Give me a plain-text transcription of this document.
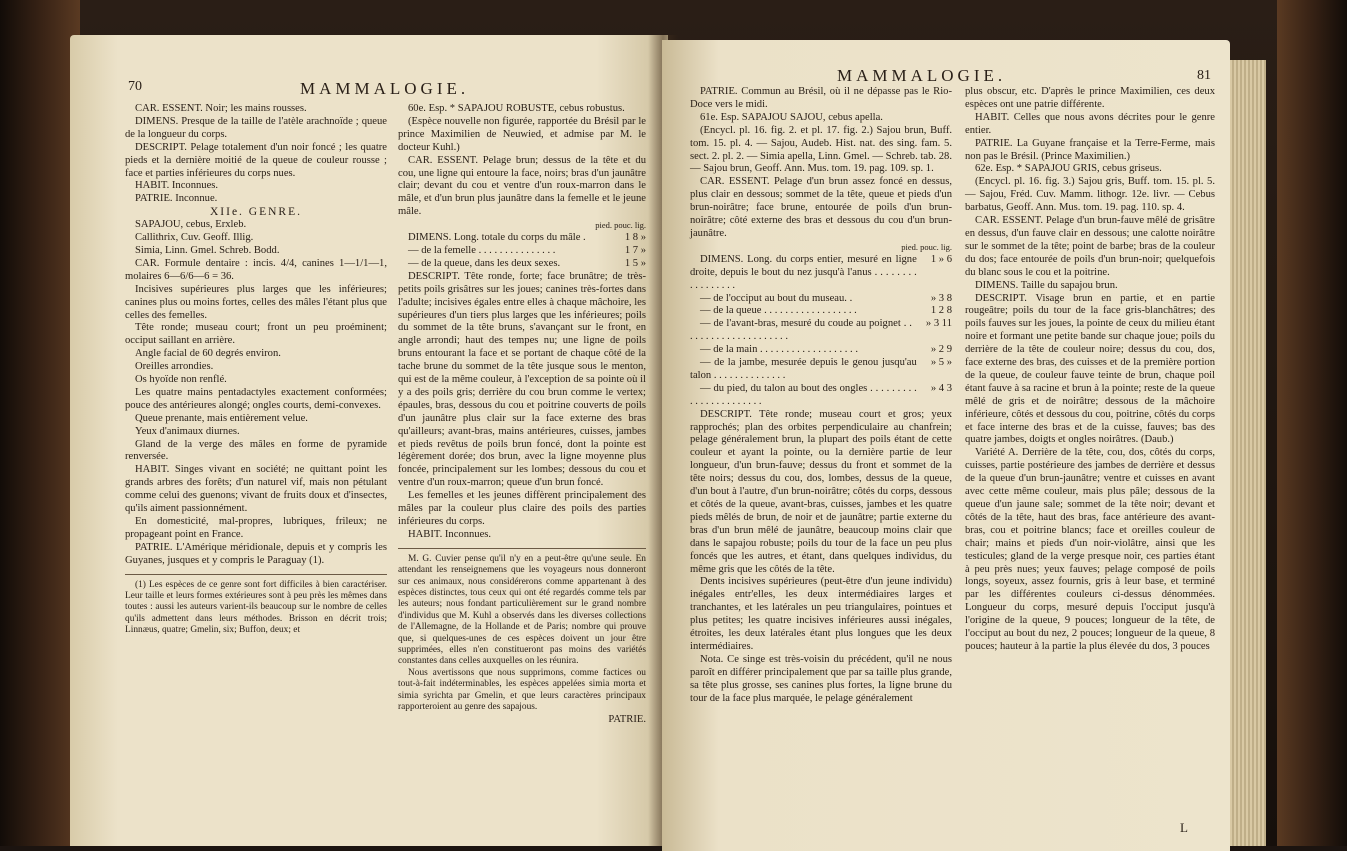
70	MAMMALOGIE.

CAR. ESSENT. Noir; les mains rousses.

DIMENS. Presque de la taille de l'atèle arachnoïde ; queue de la longueur du corps.

DESCRIPT. Pelage totalement d'un noir foncé ; les quatre pieds et la dernière moitié de la queue de couleur rousse ; face et parties inférieures du corps nues.

HABIT. Inconnues.

PATRIE. Inconnue.

XIIe. GENRE.

SAPAJOU, cebus, Erxleb.

Callithrix, Cuv. Geoff. Illig.

Simia, Linn. Gmel. Schreb. Bodd.

CAR. Formule dentaire : incis. 4/4, canines 1—1/1—1, molaires 6—6/6—6 = 36.

Incisives supérieures plus larges que les inférieures; canines plus ou moins fortes, celles des mâles l'étant plus que celles des femelles.

Tête ronde; museau court; front un peu proéminent; occiput saillant en arrière.

Angle facial de 60 degrés environ.

Oreilles arrondies.

Os hyoïde non renflé.

Les quatre mains pentadactyles exactement conformées; pouce des antérieures alongé; ongles courts, demi-convexes.

Queue prenante, mais entièrement velue.

Yeux d'animaux diurnes.

Gland de la verge des mâles en forme de pyramide renversée.

HABIT. Singes vivant en société; ne quittant point les grands arbres des forêts; d'un naturel vif, mais non pétulant comme celui des guenons; vivant de fruits doux et d'insectes, qu'ils aiment passionnément.

En domesticité, mal-propres, lubriques, frileux; ne propageant point en France.

PATRIE. L'Amérique méridionale, depuis et y compris les Guyanes, jusques et y compris le Paraguay (1).

(1) Les espèces de ce genre sont fort difficiles à bien caractériser. Leur taille et leurs formes extérieures sont à peu près les mêmes dans toutes : aussi les auteurs varient-ils beaucoup sur le nombre de celles qu'ils admettent dans leurs méthodes. Brisson en décrit trois; Linnæus, quatre; Gmelin, six; Buffon, deux; et

60e. Esp. * SAPAJOU ROBUSTE, cebus robustus.

(Espèce nouvelle non figurée, rapportée du Brésil par le prince Maximilien de Neuwied, et admise par M. le docteur Kuhl.)

CAR. ESSENT. Pelage brun; dessus de la tête et du cou, une ligne qui entoure la face, noirs; bras d'un jaunâtre clair; devant du cou et ventre d'un roux-marron dans le mâle, et d'un brun plus jaunâtre dans la femelle et le jeune mâle.

pied. pouc. lig.

DIMENS. Long. totale du corps du mâle .	1 8 »

— de la femelle . . . . . . . . . . . . . . .	1 7 »

— de la queue, dans les deux sexes.	1 5 »

DESCRIPT. Tête ronde, forte; face brunâtre; de très-petits poils grisâtres sur les joues; canines très-fortes dans l'adulte; incisives égales entre elles à chaque mâchoire, les supérieures d'un tiers plus larges que les inférieures; poils du sommet de la tête bruns, s'avançant sur le front, en angle arrondi; haut des tempes nu; une ligne de poils bruns entourant la face et se portant de chaque côté de la tache brune du sommet de la tête jusque sous le menton, qui est de la même couleur, à l'exception de sa pointe où il y a des poils gris; derrière du cou brun comme le vertex; épaules, bras, dessous du cou et poitrine couverts de poils d'un jaunâtre plus clair sur la face externe des bras qu'ailleurs; avant-bras, mains antérieures, cuisses, jambes et pieds revêtus de poils brun foncé, dont la pointe est légèrement dorée; dos brun, avec la ligne moyenne plus foncée, principalement sur les lombes; dessous du cou et ventre d'un roux-marron; queue d'un brun foncé.

Les femelles et les jeunes diffèrent principalement des mâles par la couleur plus claire des poils des parties inférieures du corps.

HABIT. Inconnues.

M. G. Cuvier pense qu'il n'y en a peut-être qu'une seule. En attendant les renseignemens que les voyageurs nous donneront sur ces animaux, nous considérerons comme appartenant à des espèces distinctes, tous ceux qui ont été regardés comme tels par les auteurs; nous fondant particulièrement sur le grand nombre d'individus que M. Kuhl a observés dans les diverses collections de l'Allemagne, de la Hollande et de Paris; nombre qui prouve que, si quelques-unes de ces espèces doivent un jour être supprimées, elles n'en constitueront pas moins des variétés constantes dans celles auxquelles on les réunira.

Nous avertissons que nous supprimons, comme factices ou tout-à-fait indéterminables, les espèces appelées simia morta et simia syrichta par Gmelin, et que leurs caractères principaux rapporteroient au genre des sapajous.

PATRIE.

MAMMALOGIE.	81

PATRIE. Commun au Brésil, où il ne dépasse pas le Rio-Doce vers le midi.

61e. Esp. SAPAJOU SAJOU, cebus apella.

(Encycl. pl. 16. fig. 2. et pl. 17. fig. 2.) Sajou brun, Buff. tom. 15. pl. 4. — Sajou, Audeb. Hist. nat. des sing. fam. 5. sect. 2. pl. 2. — Simia apella, Linn. Gmel. — Schreb. tab. 28. — Sajou brun, Geoff. Ann. Mus. tom. 19. pag. 109. sp. 1.

CAR. ESSENT. Pelage d'un brun assez foncé en dessus, plus clair en dessous; sommet de la tête, queue et pieds d'un brun-noirâtre; face brune, entourée de poils d'un brun-noirâtre; côté externe des bras et dessous du cou d'un brun-jaunâtre.

pied. pouc. lig.

DIMENS. Long. du corps entier, mesuré en ligne droite, depuis le bout du nez jusqu'à l'anus . . . . . . . . . . . . . . . . .
1 » 6

— de l'occiput au bout du museau. .	» 3 8

— de la queue . . . . . . . . . . . . . . . . . .	1 2 8

— de l'avant-bras, mesuré du coude au poignet . . . . . . . . . . . . . . . . . . . . .
» 3 11

— de la main . . . . . . . . . . . . . . . . . . .	» 2 9

— de la jambe, mesurée depuis le genou jusqu'au talon . . . . . . . . . . . . . .
» 5 »

— du pied, du talon au bout des ongles . . . . . . . . . . . . . . . . . . . . . . .
» 4 3

DESCRIPT. Tête ronde; museau court et gros; yeux rapprochés; plan des orbites perpendiculaire au chanfrein; pelage généralement brun, la plupart des poils étant de cette couleur et ayant la pointe, ou la dernière partie de leur longueur, d'un brun-fauve; dessus du front et sommet de la tête noirs; dessus du cou, dos, lombes, dessus de la queue, d'un bout à l'autre, d'un brun-noirâtre; côtés du corps, dessous et côtés de la queue, avant-bras, cuisses, jambes et les quatre pieds mêlés de brun, de noir et de jaunâtre; partie externe du bras d'un brun mêlé de jaunâtre, beaucoup moins clair que dans le sapajou robuste; poils du tour de la face un peu plus foncés que les autres, et étant, dans quelques individus, du même gris que les côtés de la tête.

Dents incisives supérieures (peut-être d'un jeune individu) inégales entr'elles, les deux intermédiaires larges et tranchantes, et les latérales un peu triangulaires, pointues et plus petites; les quatre incisives inférieures aussi inégales, étroites, les deux latérales étant plus longues que les deux intermédiaires.

Nota. Ce singe est très-voisin du précédent, qu'il ne nous paroît en différer principalement que par sa taille plus grande, sa tête plus grosse, ses canines plus fortes, la ligne brune du tour de la face plus marquée, le pelage généralement

plus obscur, etc. D'après le prince Maximilien, ces deux espèces ont une patrie différente.

HABIT. Celles que nous avons décrites pour le genre entier.

PATRIE. La Guyane française et la Terre-Ferme, mais non pas le Brésil. (Prince Maximilien.)

62e. Esp. * SAPAJOU GRIS, cebus griseus.

(Encycl. pl. 16. fig. 3.) Sajou gris, Buff. tom. 15. pl. 5. — Sajou, Fréd. Cuv. Mamm. lithogr. 12e. livr. — Cebus barbatus, Geoff. Ann. Mus. tom. 19. pag. 110. sp. 4.

CAR. ESSENT. Pelage d'un brun-fauve mêlé de grisâtre en dessus, d'un fauve clair en dessous; une calotte noirâtre sur le sommet de la tête; point de barbe; bras de la couleur du dos; face entourée de poils d'un brun-noir; quelquefois du blanc sous le cou et la poitrine.

DIMENS. Taille du sapajou brun.

DESCRIPT. Visage brun en partie, et en partie rougeâtre; poils du tour de la face gris-blanchâtres; des poils fauves sur les joues, la pointe de ceux du milieu étant noire et formant une petite bande sur chaque joue; poils du derrière de la tête de couleur noire; dessus du cou, dos, face externe des bras, des cuisses et de la première portion de la queue, de couleur fauve teinte de brun, chaque poil étant fauve à sa racine et brun à la pointe; reste de la queue mêlé de gris et de noirâtre; dessous de la mâchoire inférieure, côtés et dessous du cou, poitrine, côtés du corps et face interne des bras et de la cuisse, fauves; bas des quatre jambes, doigts et ongles noirâtres. (Daub.)

Variété A. Derrière de la tête, cou, dos, côtés du corps, cuisses, partie postérieure des jambes de derrière et dessus de la queue d'un brun-jaunâtre; ventre et cuisses en avant avec cette même couleur, mais plus pâle; dessous de la queue d'un jaune sale; sommet de la tête noir; devant et côtés de la tête, haut des bras, face antérieure des avant-bras, cou et poitrine blancs; face et oreilles couleur de chair; mains et pieds d'un noir-violâtre, ainsi que les testicules; gland de la verge presque noir, ces parties étant à peu près nues; yeux fauves; pelage composé de poils longs, soyeux, assez fournis, gris à leur base, et terminé par les différentes couleurs ci-dessus dénommées. Longueur du corps, mesuré depuis l'occiput jusqu'à l'origine de la queue, 9 pouces; longueur de la tête, de l'occiput au bout du nez, 2 pouces; longueur de la queue, 8 pouces; hauteur à la partie la plus élevée du dos, 3 pouces

L
